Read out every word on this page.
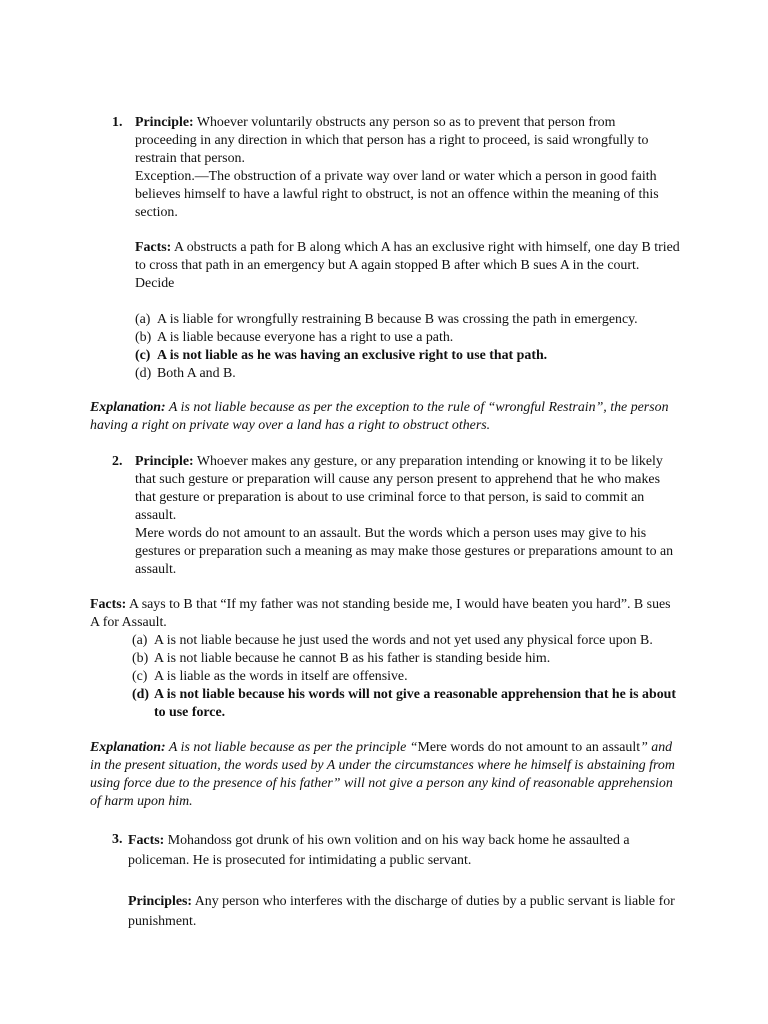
1. Principle: Whoever voluntarily obstructs any person so as to prevent that person from proceeding in any direction in which that person has a right to proceed, is said wrongfully to restrain that person.

Exception.—The obstruction of a private way over land or water which a person in good faith believes himself to have a lawful right to obstruct, is not an offence within the meaning of this section.

Facts: A obstructs a path for B along which A has an exclusive right with himself, one day B tried to cross that path in an emergency but A again stopped B after which B sues A in the court. Decide

(a) A is liable for wrongfully restraining B because B was crossing the path in emergency.
(b) A is liable because everyone has a right to use a path.
(c) A is not liable as he was having an exclusive right to use that path.
(d) Both A and B.

Explanation: A is not liable because as per the exception to the rule of “wrongful Restrain”, the person having a right on private way over a land has a right to obstruct others.

2. Principle: Whoever makes any gesture, or any preparation intending or knowing it to be likely that such gesture or preparation will cause any person present to apprehend that he who makes that gesture or preparation is about to use criminal force to that person, is said to commit an assault.

Mere words do not amount to an assault. But the words which a person uses may give to his gestures or preparation such a meaning as may make those gestures or preparations amount to an assault.

Facts: A says to B that “If my father was not standing beside me, I would have beaten you hard”. B sues A for Assault.

(a) A is not liable because he just used the words and not yet used any physical force upon B.
(b) A is not liable because he cannot B as his father is standing beside him.
(c) A is liable as the words in itself are offensive.
(d) A is not liable because his words will not give a reasonable apprehension that he is about to use force.

Explanation: A is not liable because as per the principle “Mere words do not amount to an assault” and in the present situation, the words used by A under the circumstances where he himself is abstaining from using force due to the presence of his father” will not give a person any kind of reasonable apprehension of harm upon him.

3. Facts: Mohandoss got drunk of his own volition and on his way back home he assaulted a policeman. He is prosecuted for intimidating a public servant.

Principles: Any person who interferes with the discharge of duties by a public servant is liable for punishment.
